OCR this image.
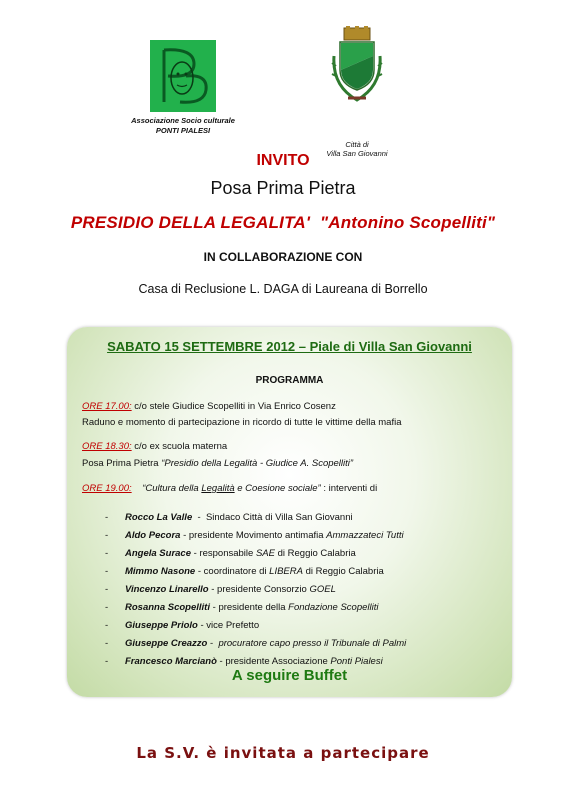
Associazione Socio culturale
PONTI PIALESI
Città di
Villa San Giovanni
INVITO
Posa Prima Pietra
PRESIDIO DELLA LEGALITA'  "Antonino Scopelliti"
IN COLLABORAZIONE CON
Casa di Reclusione L. DAGA di Laureana di Borrello
SABATO 15 SETTEMBRE 2012 – Piale di Villa San Giovanni
PROGRAMMA
ORE 17.00: c/o stele Giudice Scopelliti in Via Enrico Cosenz
Raduno e momento di partecipazione in ricordo di tutte le vittime della mafia
ORE 18.30: c/o ex scuola materna
Posa Prima Pietra “Presidio della Legalità - Giudice A. Scopelliti”
ORE 19.00:    “Cultura della Legalità e Coesione sociale” : interventi di
- Rocco La Valle  -  Sindaco Città di Villa San Giovanni
- Aldo Pecora - presidente Movimento antimafia Ammazzateci Tutti
- Angela Surace - responsabile SAE di Reggio Calabria
- Mimmo Nasone - coordinatore di LIBERA di Reggio Calabria
- Vincenzo Linarello - presidente Consorzio GOEL
- Rosanna Scopelliti - presidente della Fondazione Scopelliti
- Giuseppe Priolo - vice Prefetto
- Giuseppe Creazzo -  procuratore capo presso il Tribunale di Palmi
- Francesco Marcianò - presidente Associazione Ponti Pialesi
A seguire Buffet
La S.V. è invitata a partecipare
